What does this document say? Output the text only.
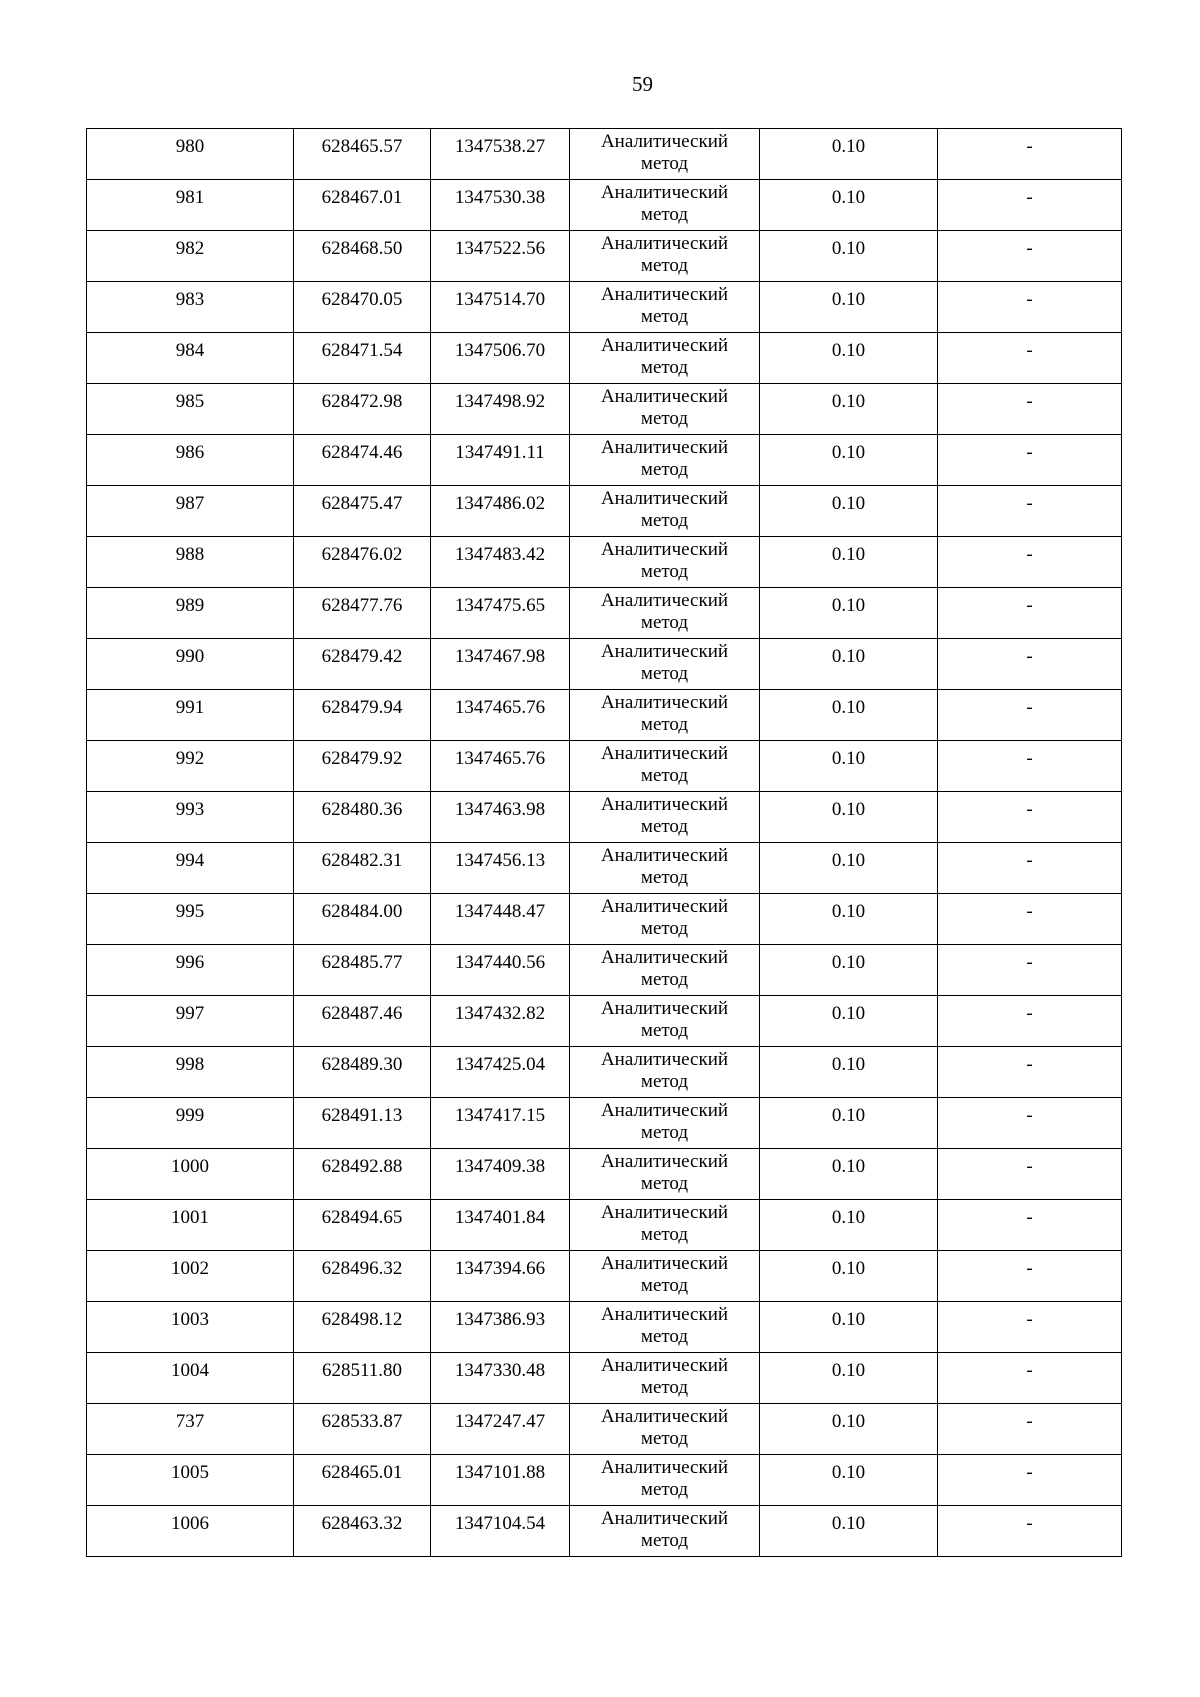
59
980	628465.57	1347538.27	Аналитический
метод	0.10	-

981	628467.01	1347530.38	Аналитический
метод	0.10	-

982	628468.50	1347522.56	Аналитический
метод	0.10	-

983	628470.05	1347514.70	Аналитический
метод	0.10	-

984	628471.54	1347506.70	Аналитический
метод	0.10	-

985	628472.98	1347498.92	Аналитический
метод	0.10	-

986	628474.46	1347491.11	Аналитический
метод	0.10	-

987	628475.47	1347486.02	Аналитический
метод	0.10	-

988	628476.02	1347483.42	Аналитический
метод	0.10	-

989	628477.76	1347475.65	Аналитический
метод	0.10	-

990	628479.42	1347467.98	Аналитический
метод	0.10	-

991	628479.94	1347465.76	Аналитический
метод	0.10	-

992	628479.92	1347465.76	Аналитический
метод	0.10	-

993	628480.36	1347463.98	Аналитический
метод	0.10	-

994	628482.31	1347456.13	Аналитический
метод	0.10	-

995	628484.00	1347448.47	Аналитический
метод	0.10	-

996	628485.77	1347440.56	Аналитический
метод	0.10	-

997	628487.46	1347432.82	Аналитический
метод	0.10	-

998	628489.30	1347425.04	Аналитический
метод	0.10	-

999	628491.13	1347417.15	Аналитический
метод	0.10	-

1000	628492.88	1347409.38	Аналитический
метод	0.10	-

1001	628494.65	1347401.84	Аналитический
метод	0.10	-

1002	628496.32	1347394.66	Аналитический
метод	0.10	-

1003	628498.12	1347386.93	Аналитический
метод	0.10	-

1004	628511.80	1347330.48	Аналитический
метод	0.10	-

737	628533.87	1347247.47	Аналитический
метод	0.10	-

1005	628465.01	1347101.88	Аналитический
метод	0.10	-

1006	628463.32	1347104.54	Аналитический
метод	0.10	-
